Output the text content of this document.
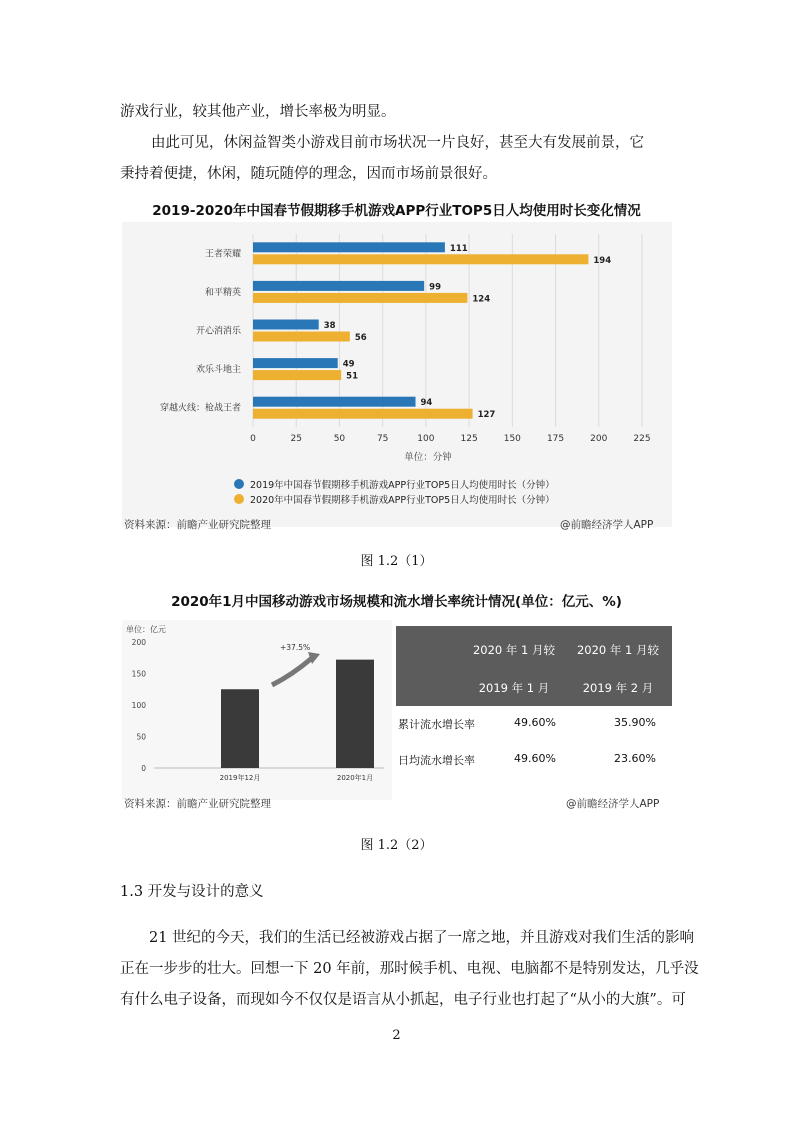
游戏行业，较其他产业，增长率极为明显。

由此可见，休闲益智类小游戏目前市场状况一片良好，甚至大有发展前景，它

秉持着便捷，休闲，随玩随停的理念，因而市场前景很好。

2019-2020年中国春节假期移手机游戏APP行业TOP5日人均使用时长变化情况
111
194
99
124
38
56
49
51
94
127
王者荣耀
和平精英
开心消消乐
欢乐斗地主
穿越火线：枪战王者
0	25	50	75	100	125	150	175	200	225
单位：分钟
2019年中国春节假期移手机游戏APP行业TOP5日人均使用时长（分钟）
2020年中国春节假期移手机游戏APP行业TOP5日人均使用时长（分钟）
资料来源：前瞻产业研究院整理	@前瞻经济学人APP
图 1.2（1）
2020年1月中国移动游戏市场规模和流水增长率统计情况(单位：亿元、%)
单位：亿元
0
50
100
150
200
2019年12月	2020年1月
+37.5%	2020 年 1 月较	2020 年 1 月较
2019 年 1 月	2019 年 2 月
累计流水增长率	49.60%	35.90%
日均流水增长率	49.60%	23.60%
资料来源：前瞻产业研究院整理	@前瞻经济学人APP
图 1.2（2）
1.3 开发与设计的意义

21 世纪的今天，我们的生活已经被游戏占据了一席之地，并且游戏对我们生活的影响

正在一步步的壮大。回想一下 20 年前，那时候手机、电视、电脑都不是特别发达，几乎没

有什么电子设备，而现如今不仅仅是语言从小抓起，电子行业也打起了“从小的大旗”。可

2
